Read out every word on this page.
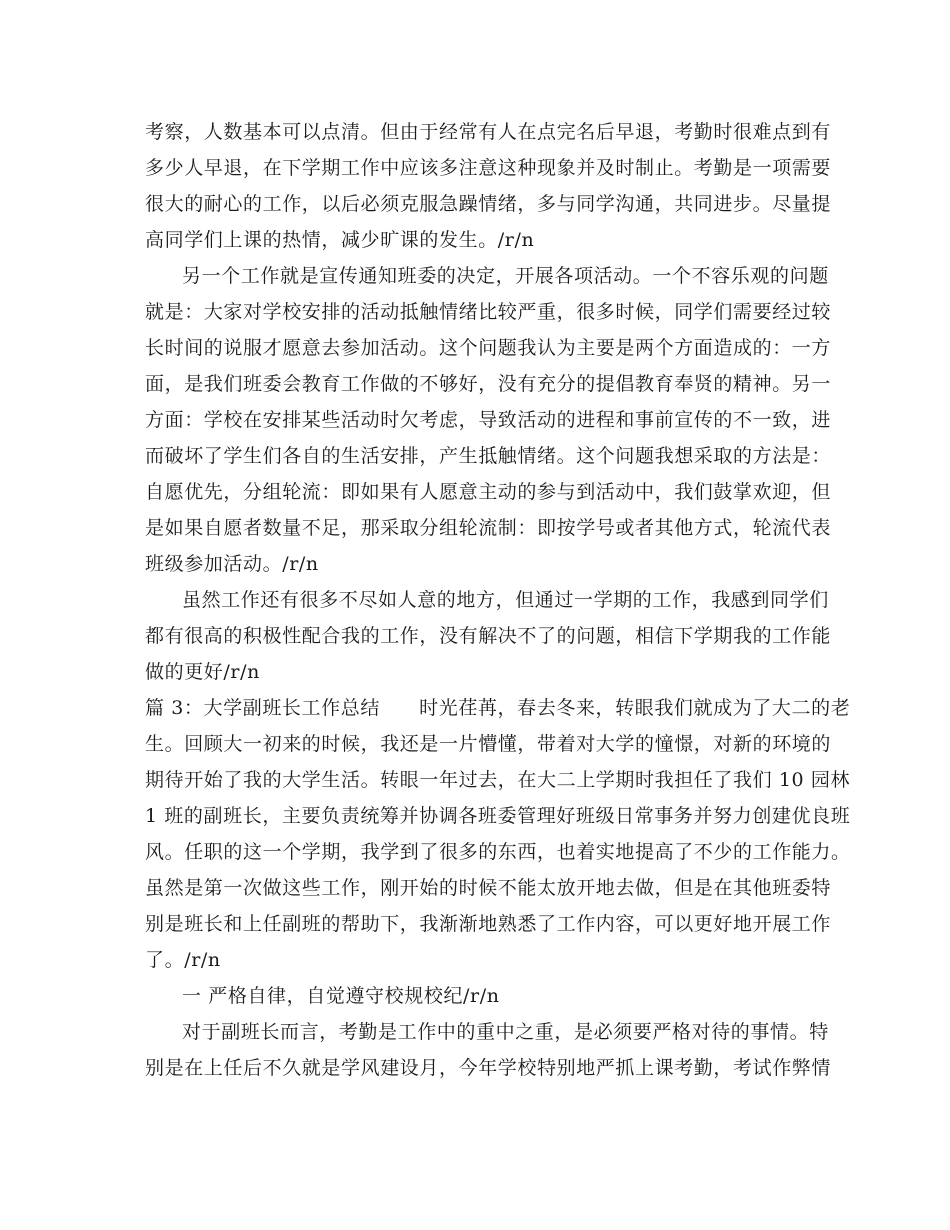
考察，人数基本可以点清。但由于经常有人在点完名后早退，考勤时很难点到有
多少人早退，在下学期工作中应该多注意这种现象并及时制止。考勤是一项需要
很大的耐心的工作，以后必须克服急躁情绪，多与同学沟通，共同进步。尽量提
高同学们上课的热情，减少旷课的发生。/r/n
另一个工作就是宣传通知班委的决定，开展各项活动。一个不容乐观的问题
就是：大家对学校安排的活动抵触情绪比较严重，很多时候，同学们需要经过较
长时间的说服才愿意去参加活动。这个问题我认为主要是两个方面造成的：一方
面，是我们班委会教育工作做的不够好，没有充分的提倡教育奉贤的精神。另一
方面：学校在安排某些活动时欠考虑，导致活动的进程和事前宣传的不一致，进
而破坏了学生们各自的生活安排，产生抵触情绪。这个问题我想采取的方法是：
自愿优先，分组轮流：即如果有人愿意主动的参与到活动中，我们鼓掌欢迎，但
是如果自愿者数量不足，那采取分组轮流制：即按学号或者其他方式，轮流代表
班级参加活动。/r/n
虽然工作还有很多不尽如人意的地方，但通过一学期的工作，我感到同学们
都有很高的积极性配合我的工作，没有解决不了的问题，相信下学期我的工作能
做的更好/r/n
篇 3：大学副班长工作总结　　时光荏苒，春去冬来，转眼我们就成为了大二的老
生。回顾大一初来的时候，我还是一片懵懂，带着对大学的憧憬，对新的环境的
期待开始了我的大学生活。转眼一年过去，在大二上学期时我担任了我们 10 园林
1 班的副班长，主要负责统筹并协调各班委管理好班级日常事务并努力创建优良班
风。任职的这一个学期，我学到了很多的东西，也着实地提高了不少的工作能力。
虽然是第一次做这些工作，刚开始的时候不能太放开地去做，但是在其他班委特
别是班长和上任副班的帮助下，我渐渐地熟悉了工作内容，可以更好地开展工作
了。/r/n
一 严格自律，自觉遵守校规校纪/r/n
对于副班长而言，考勤是工作中的重中之重，是必须要严格对待的事情。特
别是在上任后不久就是学风建设月，今年学校特别地严抓上课考勤，考试作弊情
